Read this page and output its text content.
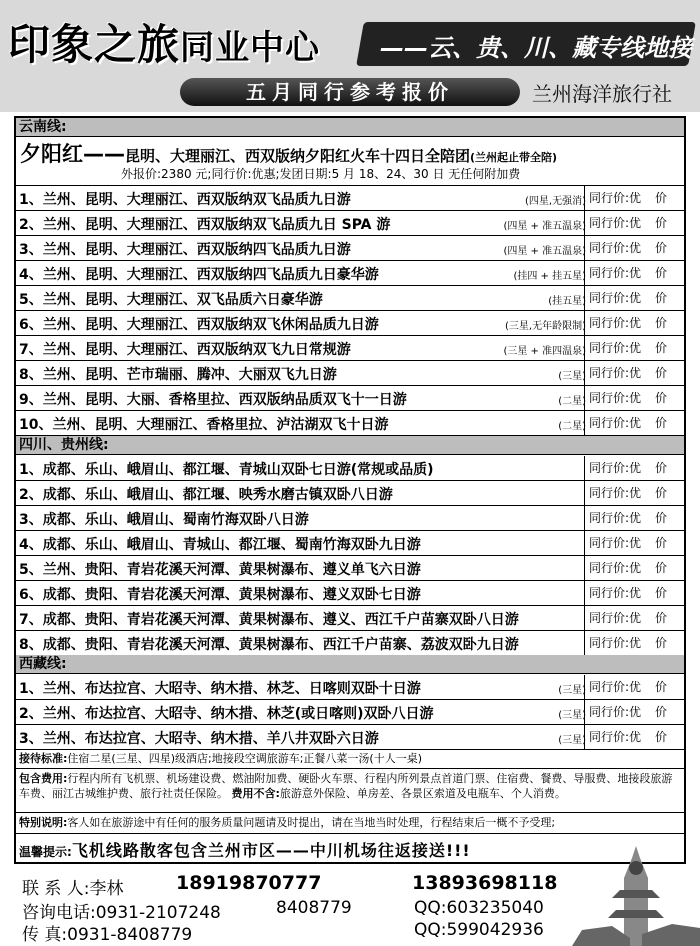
印象之旅同业中心 ——云、贵、川、藏专线地接
五月同行参考报价	兰州海洋旅行社
云南线:
夕阳红——昆明、大理丽江、西双版纳夕阳红火车十四日全陪团(兰州起止带全陪)
外报价:2380 元;同行价:优惠;发团日期:5 月 18、24、30 日 无任何附加费
1、兰州、昆明、大理丽江、西双版纳双飞品质九日游	(四星,无强消) 同行价:优 价
2、兰州、昆明、大理丽江、西双版纳双飞品质九日 SPA 游	(四星 + 准五温泉) 同行价:优 价
3、兰州、昆明、大理丽江、西双版纳四飞品质九日游	(四星 + 准五温泉) 同行价:优 价
4、兰州、昆明、大理丽江、西双版纳四飞品质九日豪华游	(挂四 + 挂五星) 同行价:优 价
5、兰州、昆明、大理丽江、双飞品质六日豪华游	(挂五星) 同行价:优 价
6、兰州、昆明、大理丽江、西双版纳双飞休闲品质九日游	(三星,无年龄限制) 同行价:优 价
7、兰州、昆明、大理丽江、西双版纳双飞九日常规游	(三星 + 准四温泉) 同行价:优 价
8、兰州、昆明、芒市瑞丽、腾冲、大丽双飞九日游	(三星) 同行价:优 价
9、兰州、昆明、大丽、香格里拉、西双版纳品质双飞十一日游	(二星) 同行价:优 价
10、兰州、昆明、大理丽江、香格里拉、泸沽湖双飞十日游	(二星) 同行价:优 价
四川、贵州线:
1、成都、乐山、峨眉山、都江堰、青城山双卧七日游(常规或品质)	同行价:优 价
2、成都、乐山、峨眉山、都江堰、映秀水磨古镇双卧八日游	同行价:优 价
3、成都、乐山、峨眉山、蜀南竹海双卧八日游	同行价:优 价
4、成都、乐山、峨眉山、青城山、都江堰、蜀南竹海双卧九日游	同行价:优 价
5、兰州、贵阳、青岩花溪天河潭、黄果树瀑布、遵义单飞六日游	同行价:优 价
6、成都、贵阳、青岩花溪天河潭、黄果树瀑布、遵义双卧七日游	同行价:优 价
7、成都、贵阳、青岩花溪天河潭、黄果树瀑布、遵义、西江千户苗寨双卧八日游	同行价:优 价
8、成都、贵阳、青岩花溪天河潭、黄果树瀑布、西江千户苗寨、荔波双卧九日游	同行价:优 价
西藏线:
1、兰州、布达拉宫、大昭寺、纳木措、林芝、日喀则双卧十日游	(三星) 同行价:优 价
2、兰州、布达拉宫、大昭寺、纳木措、林芝(或日喀则)双卧八日游	(三星) 同行价:优 价
3、兰州、布达拉宫、大昭寺、纳木措、羊八井双卧六日游	(三星) 同行价:优 价
接待标准:住宿二星(三星、四星)级酒店;地接段空调旅游车;正餐八菜一汤(十人一桌)
包含费用:行程内所有飞机票、机场建设费、燃油附加费、硬卧火车票、行程内所列景点首道门票、住宿费、餐费、导服费、地接段旅游车费、丽江古城维护费、旅行社责任保险。 费用不含:旅游意外保险、单房差、各景区索道及电瓶车、个人消费。
特别说明:客人如在旅游途中有任何的服务质量问题请及时提出，请在当地当时处理，行程结束后一概不予受理;
温馨提示:飞机线路散客包含兰州市区——中川机场往返接送!!!
联 系 人:李林	18919870777	13893698118
咨询电话:0931-2107248	8408779	QQ:603235040
传 真:0931-8408779	QQ:599042936
